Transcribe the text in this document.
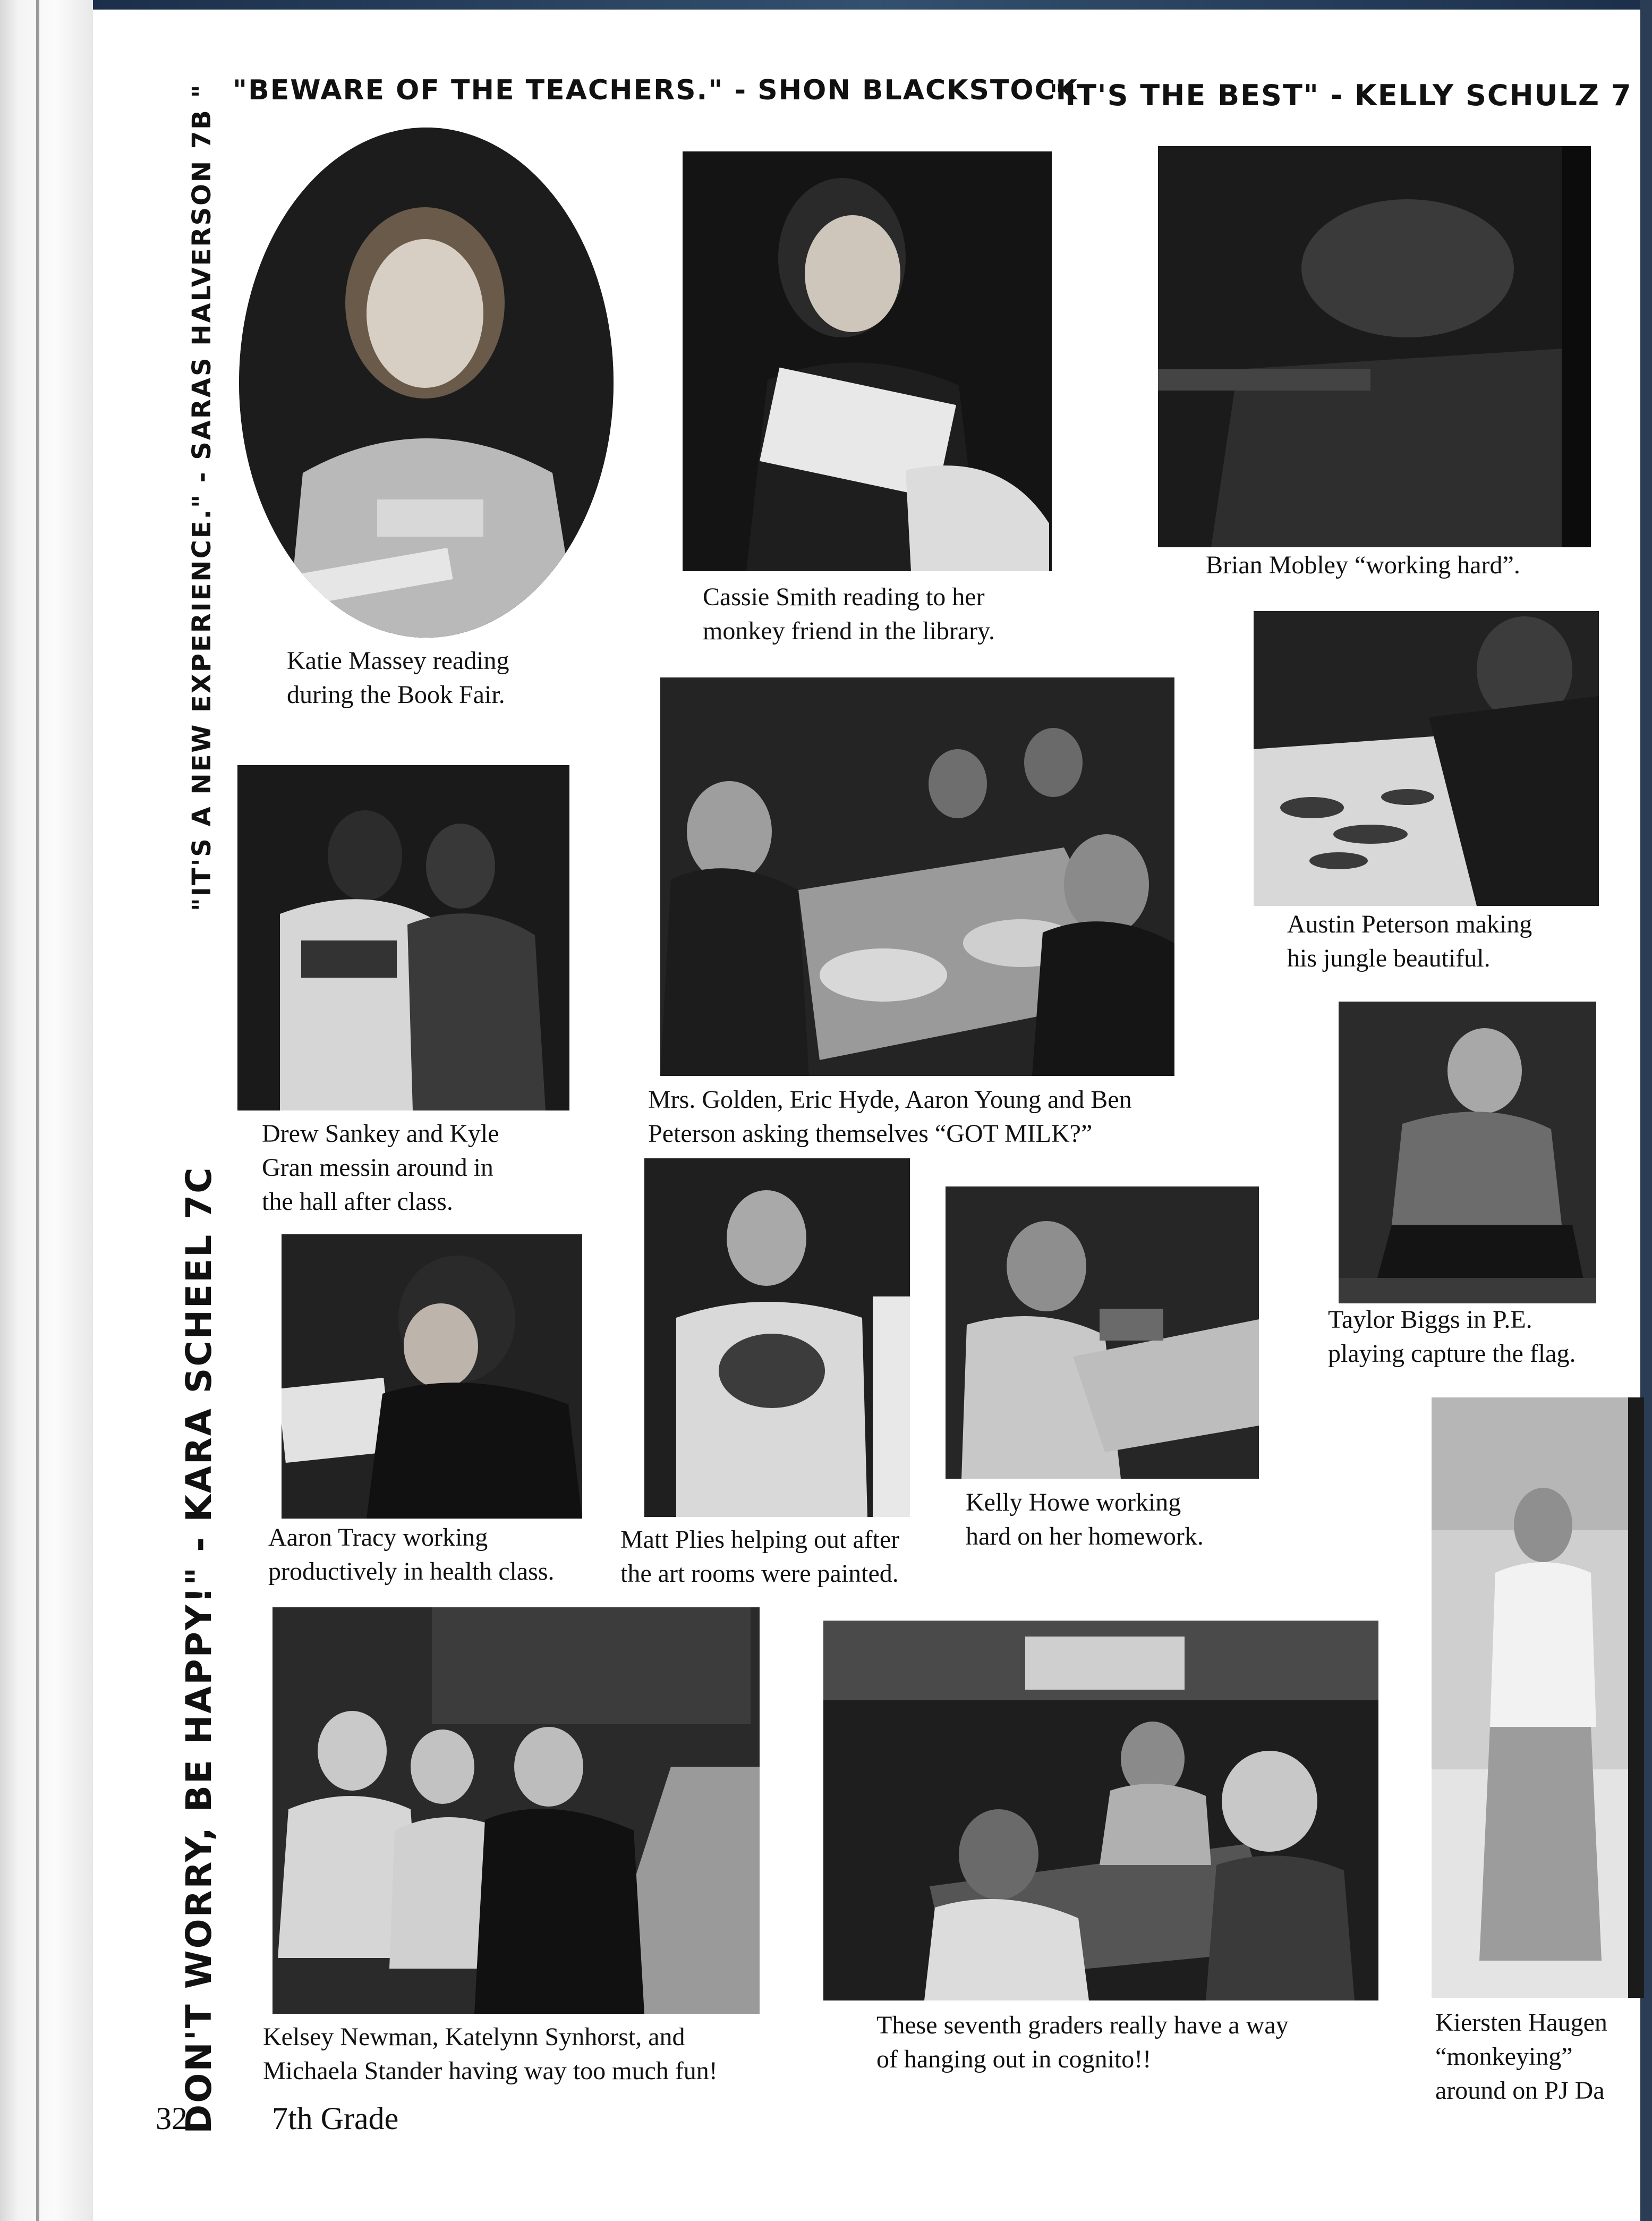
"BEWARE OF THE TEACHERS." - SHON BLACKSTOCK
"IT'S THE BEST" - KELLY SCHULZ 7
"IT'S A NEW EXPERIENCE." - SARAS HALVERSON 7B "
DON'T WORRY, BE HAPPY!" - KARA SCHEEL 7C
Katie Massey reading
during the Book Fair.
Cassie Smith reading to her
monkey friend in the library.
Brian Mobley “working hard”.
Austin Peterson making
his jungle beautiful.
Drew Sankey and Kyle
Gran messin around in
the hall after class.
Mrs. Golden, Eric Hyde, Aaron Young and Ben
Peterson asking themselves “GOT MILK?”
Taylor Biggs in P.E.
playing capture the flag.
Aaron Tracy working
productively in health class.
Matt Plies helping out after
the art rooms were painted.
Kelly Howe working
hard on her homework.
Kelsey Newman, Katelynn Synhorst, and
Michaela Stander having way too much fun!
These seventh graders really have a way
of hanging out in cognito!!
Kiersten Haugen
“monkeying”
around on PJ Da
32	7th Grade
